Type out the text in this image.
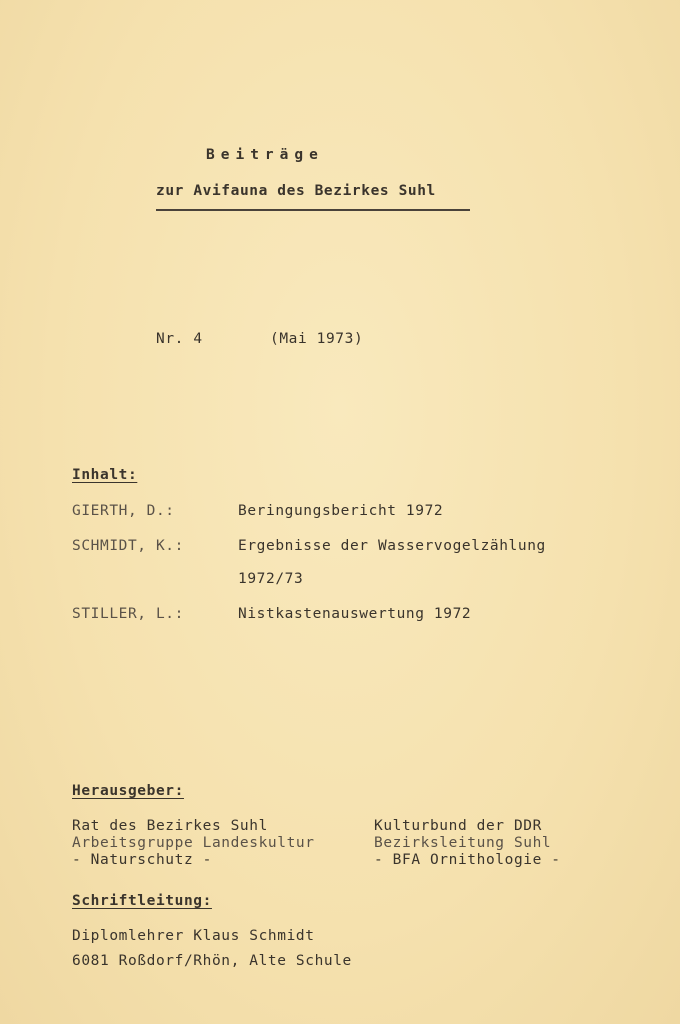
Beiträge
zur Avifauna des Bezirkes Suhl
Nr. 4	(Mai 1973)
Inhalt:
GIERTH, D.:	Beringungsbericht 1972
SCHMIDT, K.:	Ergebnisse der Wasservogelzählung
1972/73
STILLER, L.:	Nistkastenauswertung 1972
Herausgeber:
Rat des Bezirkes Suhl
Arbeitsgruppe Landeskultur
- Naturschutz -
Kulturbund der DDR
Bezirksleitung Suhl
- BFA Ornithologie -
Schriftleitung:
Diplomlehrer Klaus Schmidt
6081 Roßdorf/Rhön, Alte Schule
